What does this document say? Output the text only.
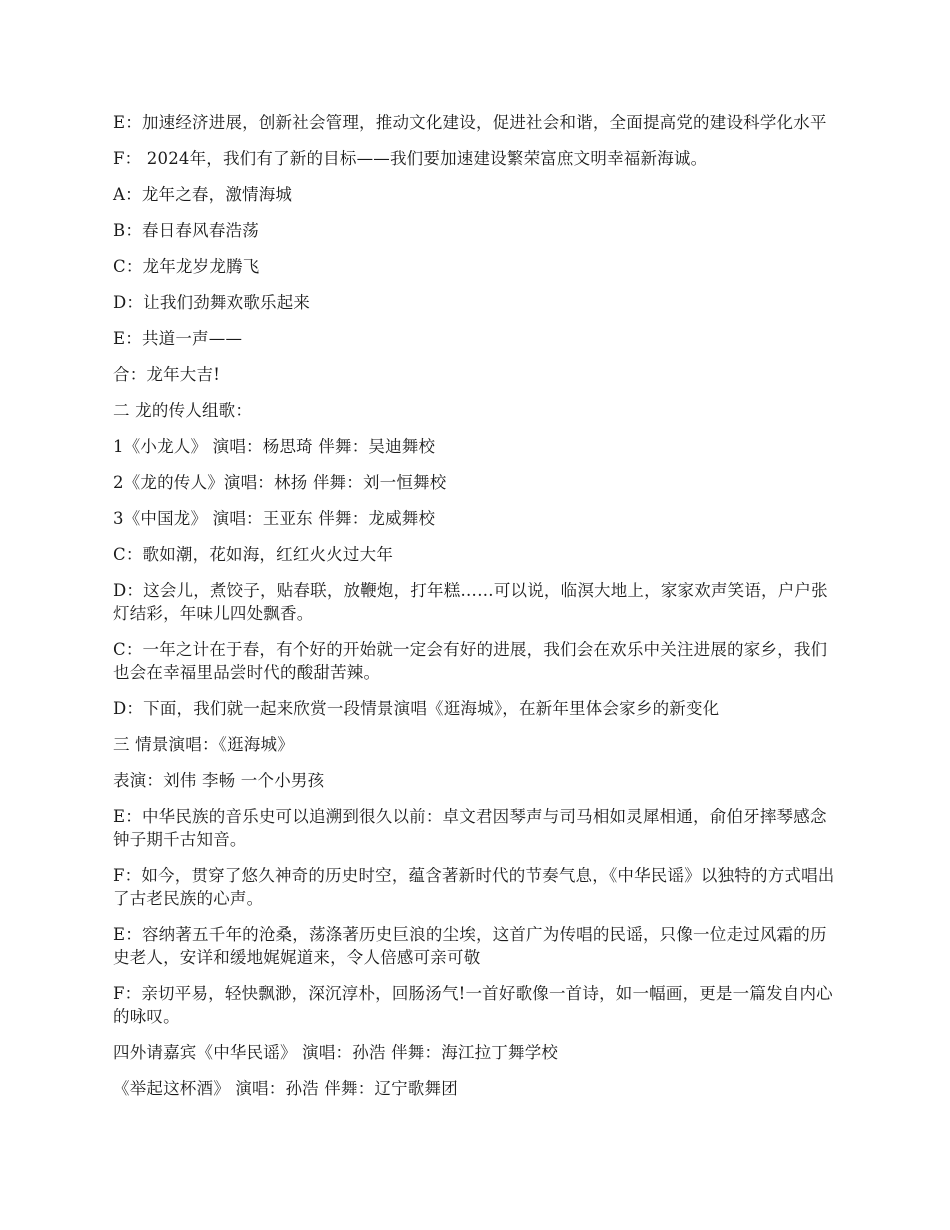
E：加速经济进展，创新社会管理，推动文化建设，促进社会和谐，全面提高党的建设科学化水平

F： 2024年，我们有了新的目标——我们要加速建设繁荣富庶文明幸福新海诚。

A：龙年之春，激情海城

B：春日春风春浩荡

C：龙年龙岁龙腾飞

D：让我们劲舞欢歌乐起来

E：共道一声——

合：龙年大吉!

二 龙的传人组歌：

1《小龙人》 演唱：杨思琦 伴舞：吴迪舞校

2《龙的传人》演唱：林扬 伴舞：刘一恒舞校

3《中国龙》 演唱：王亚东 伴舞：龙威舞校

C：歌如潮，花如海，红红火火过大年

D：这会儿，煮饺子，贴春联，放鞭炮，打年糕……可以说，临溟大地上，家家欢声笑语，户户张灯结彩，年味儿四处飘香。

C：一年之计在于春，有个好的开始就一定会有好的进展，我们会在欢乐中关注进展的家乡，我们也会在幸福里品尝时代的酸甜苦辣。

D：下面，我们就一起来欣赏一段情景演唱《逛海城》，在新年里体会家乡的新变化

三 情景演唱：《逛海城》

表演：刘伟 李畅 一个小男孩

E：中华民族的音乐史可以追溯到很久以前：卓文君因琴声与司马相如灵犀相通，俞伯牙摔琴感念钟子期千古知音。

F：如今，贯穿了悠久神奇的历史时空，蕴含著新时代的节奏气息，《中华民谣》以独特的方式唱出了古老民族的心声。

E：容纳著五千年的沧桑，荡涤著历史巨浪的尘埃，这首广为传唱的民谣，只像一位走过风霜的历史老人，安详和缓地娓娓道来，令人倍感可亲可敬

F：亲切平易，轻快飘渺，深沉淳朴，回肠汤气!一首好歌像一首诗，如一幅画，更是一篇发自内心的咏叹。

四外请嘉宾《中华民谣》 演唱：孙浩 伴舞：海江拉丁舞学校

《举起这杯酒》 演唱：孙浩 伴舞：辽宁歌舞团
